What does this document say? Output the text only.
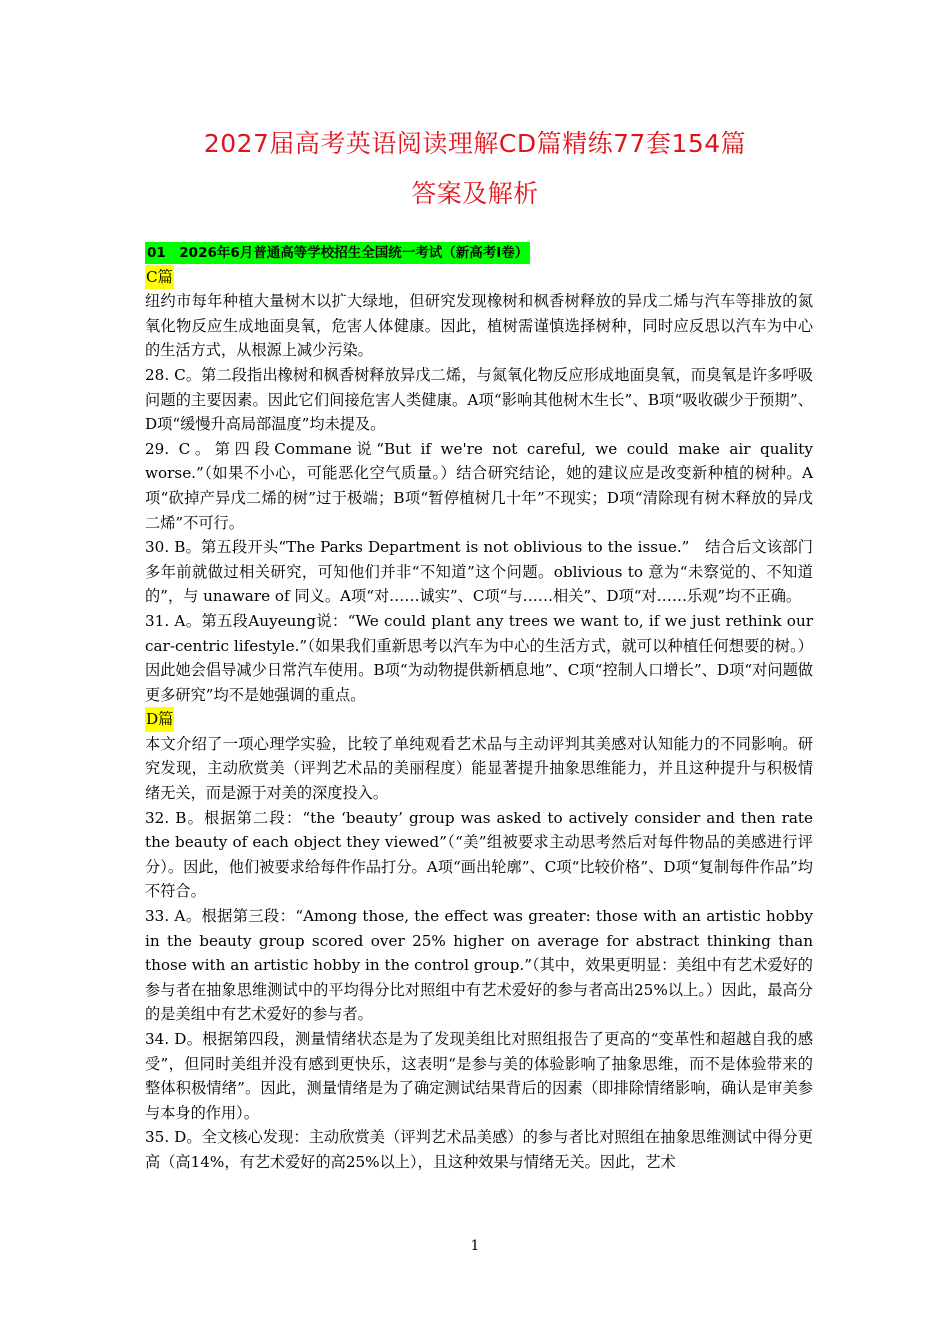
2027届高考英语阅读理解CD篇精练77套154篇
答案及解析

01　2026年6月普通高等学校招生全国统一考试（新高考I卷）

C篇

纽约市每年种植大量树木以扩大绿地，但研究发现橡树和枫香树释放的异戊二烯与汽车等排放的氮氧化物反应生成地面臭氧，危害人体健康。因此，植树需谨慎选择树种，同时应反思以汽车为中心的生活方式，从根源上减少污染。

28. C。第二段指出橡树和枫香树释放异戊二烯，与氮氧化物反应形成地面臭氧，而臭氧是许多呼吸问题的主要因素。因此它们间接危害人类健康。A项“影响其他树木生长”、B项“吸收碳少于预期”、D项“缓慢升高局部温度”均未提及。

29. C。第四段Commane说“But if we're not careful, we could make air quality worse.”（如果不小心，可能恶化空气质量。）结合研究结论，她的建议应是改变新种植的树种。A项“砍掉产异戊二烯的树”过于极端；B项“暂停植树几十年”不现实；D项“清除现有树木释放的异戊二烯”不可行。

30. B。第五段开头“The Parks Department is not oblivious to the issue.”　结合后文该部门多年前就做过相关研究，可知他们并非“不知道”这个问题。oblivious to 意为“未察觉的、不知道的”，与 unaware of 同义。A项“对……诚实”、C项“与……相关”、D项“对……乐观”均不正确。

31. A。第五段Auyeung说：“We could plant any trees we want to, if we just rethink our car-centric lifestyle.”（如果我们重新思考以汽车为中心的生活方式，就可以种植任何想要的树。）因此她会倡导减少日常汽车使用。B项“为动物提供新栖息地”、C项“控制人口增长”、D项“对问题做更多研究”均不是她强调的重点。

D篇

本文介绍了一项心理学实验，比较了单纯观看艺术品与主动评判其美感对认知能力的不同影响。研究发现，主动欣赏美（评判艺术品的美丽程度）能显著提升抽象思维能力，并且这种提升与积极情绪无关，而是源于对美的深度投入。

32. B。根据第二段：“the ‘beauty’ group was asked to actively consider and then rate the beauty of each object they viewed”（“美”组被要求主动思考然后对每件物品的美感进行评分）。因此，他们被要求给每件作品打分。A项“画出轮廓”、C项“比较价格”、D项“复制每件作品”均不符合。

33. A。根据第三段：“Among those, the effect was greater: those with an artistic hobby in the beauty group scored over 25% higher on average for abstract thinking than those with an artistic hobby in the control group.”（其中，效果更明显：美组中有艺术爱好的参与者在抽象思维测试中的平均得分比对照组中有艺术爱好的参与者高出25%以上。）因此，最高分的是美组中有艺术爱好的参与者。

34. D。根据第四段，测量情绪状态是为了发现美组比对照组报告了更高的“变革性和超越自我的感受”，但同时美组并没有感到更快乐，这表明“是参与美的体验影响了抽象思维，而不是体验带来的整体积极情绪”。因此，测量情绪是为了确定测试结果背后的因素（即排除情绪影响，确认是审美参与本身的作用）。

35. D。全文核心发现：主动欣赏美（评判艺术品美感）的参与者比对照组在抽象思维测试中得分更高（高14%，有艺术爱好的高25%以上），且这种效果与情绪无关。因此，艺术

1
